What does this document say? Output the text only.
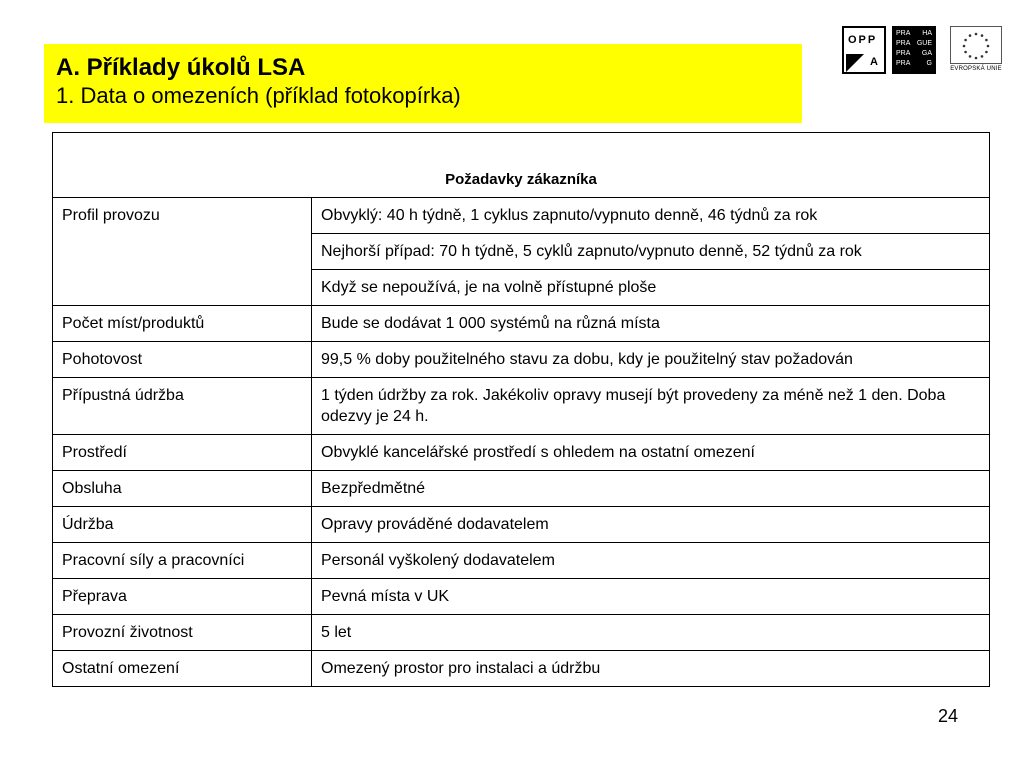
A. Příklady úkolů LSA
1. Data o omezeních (příklad fotokopírka)
OPP
A
PRA HA
PRA GUE
PRA GA
PRA G
EVROPSKÁ UNIE
Požadavky zákazníka	
Profil provozu	Obvyklý: 40 h týdně, 1 cyklus zapnuto/vypnuto denně, 46 týdnů za rok
	Nejhorší případ: 70 h týdně, 5 cyklů zapnuto/vypnuto denně, 52 týdnů za rok
	Když se nepoužívá, je na volně přístupné ploše
Počet míst/produktů	Bude se dodávat 1 000 systémů na různá místa
Pohotovost	99,5 % doby použitelného stavu za dobu, kdy je použitelný stav požadován
Přípustná údržba	1 týden údržby za rok. Jakékoliv opravy musejí být provedeny za méně než 1 den. Doba odezvy je 24 h.
Prostředí	Obvyklé kancelářské prostředí s ohledem na ostatní omezení
Obsluha	Bezpředmětné
Údržba	Opravy prováděné dodavatelem
Pracovní síly a pracovníci	Personál vyškolený dodavatelem
Přeprava	Pevná místa v UK
Provozní životnost	5 let
Ostatní omezení	Omezený prostor pro instalaci a údržbu
24
